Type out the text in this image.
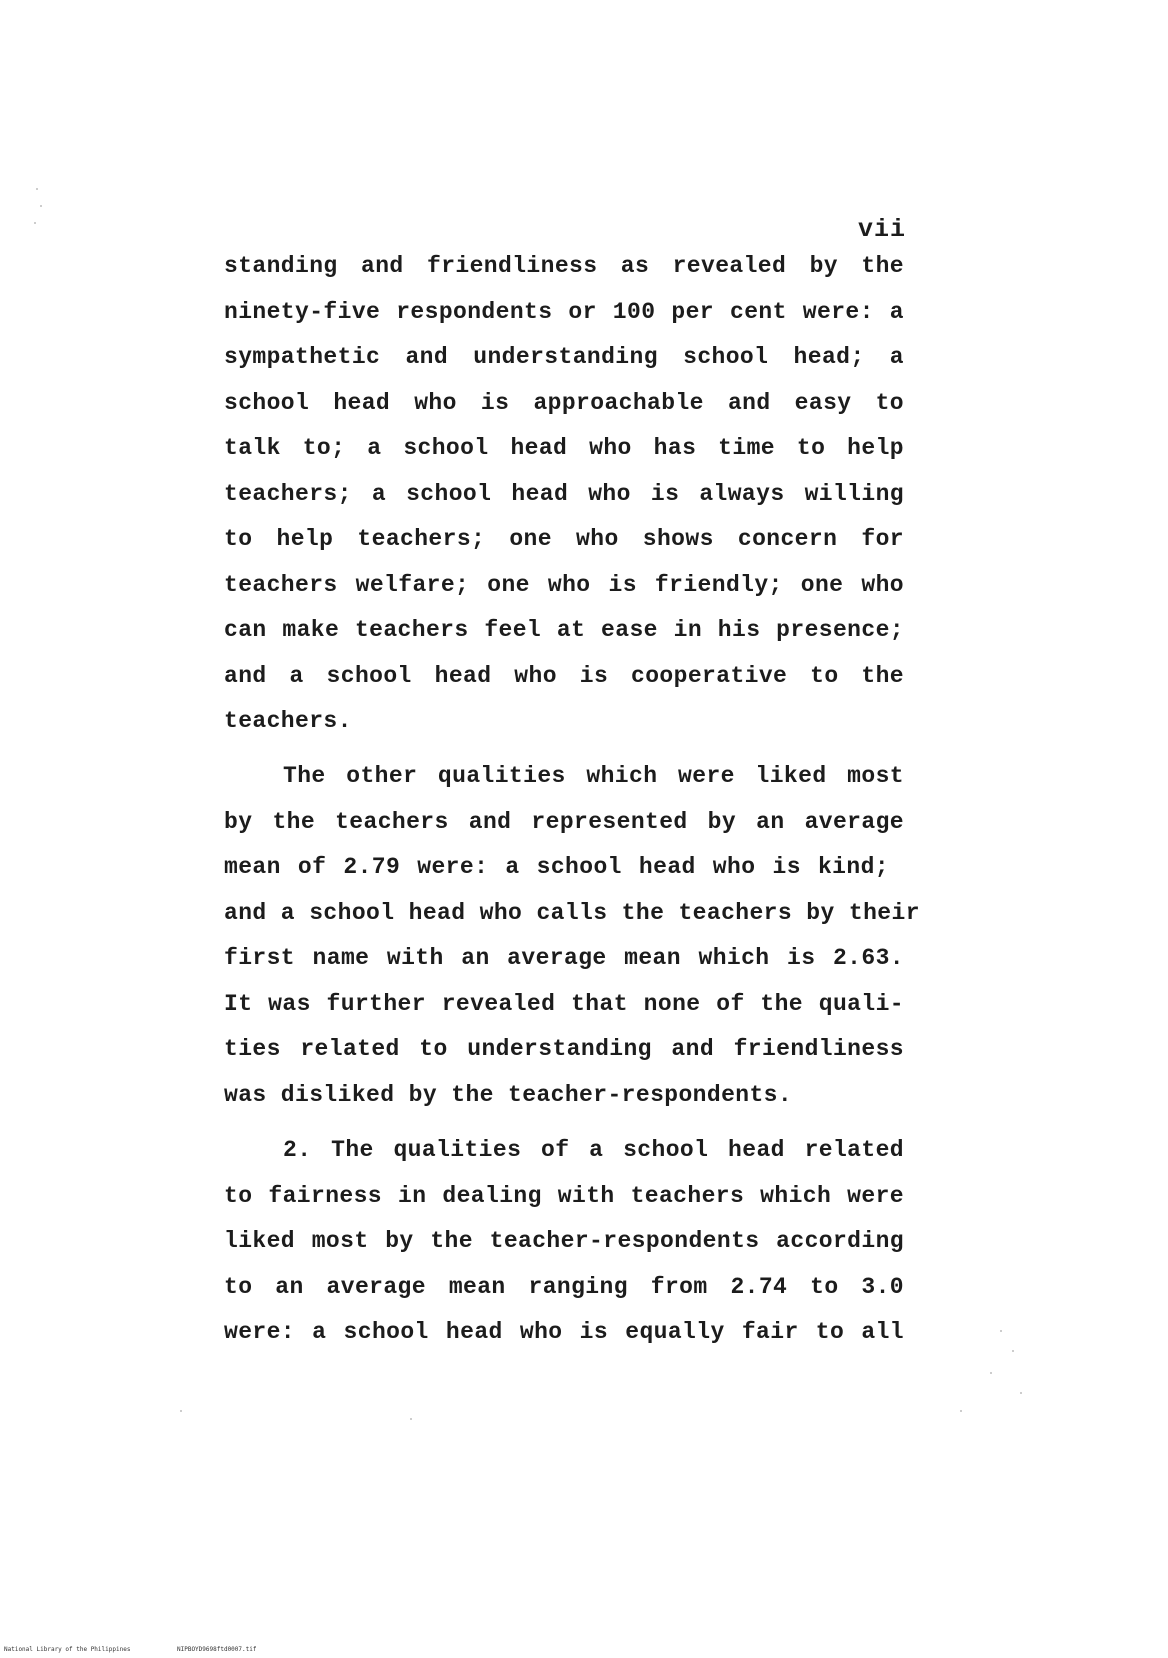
vii
standing and friendliness as revealed by the
ninety-five respondents or 100 per cent were: a
sympathetic and understanding school head; a
school head who is approachable and easy to
talk to; a school head who has time to help
teachers; a school head who is always willing
to help teachers; one who shows concern for
teachers welfare; one who is friendly; one who
can make teachers feel at ease in his presence;
and a school head who is cooperative to the
teachers.
The other qualities which were liked most
by the teachers and represented by an average
mean of 2.79 were: a school head who is kind;
and a school head who calls the teachers by their
first name with an average mean which is 2.63.
It was further revealed that none of the quali-
ties related to understanding and friendliness
was disliked by the teacher-respondents.
2. The qualities of a school head related
to fairness in dealing with teachers which were
liked most by the teacher-respondents according
to an average mean ranging from 2.74 to 3.0
were: a school head who is equally fair to all
National Library of the Philippines	NIPBOYD9698ftd0007.tif
